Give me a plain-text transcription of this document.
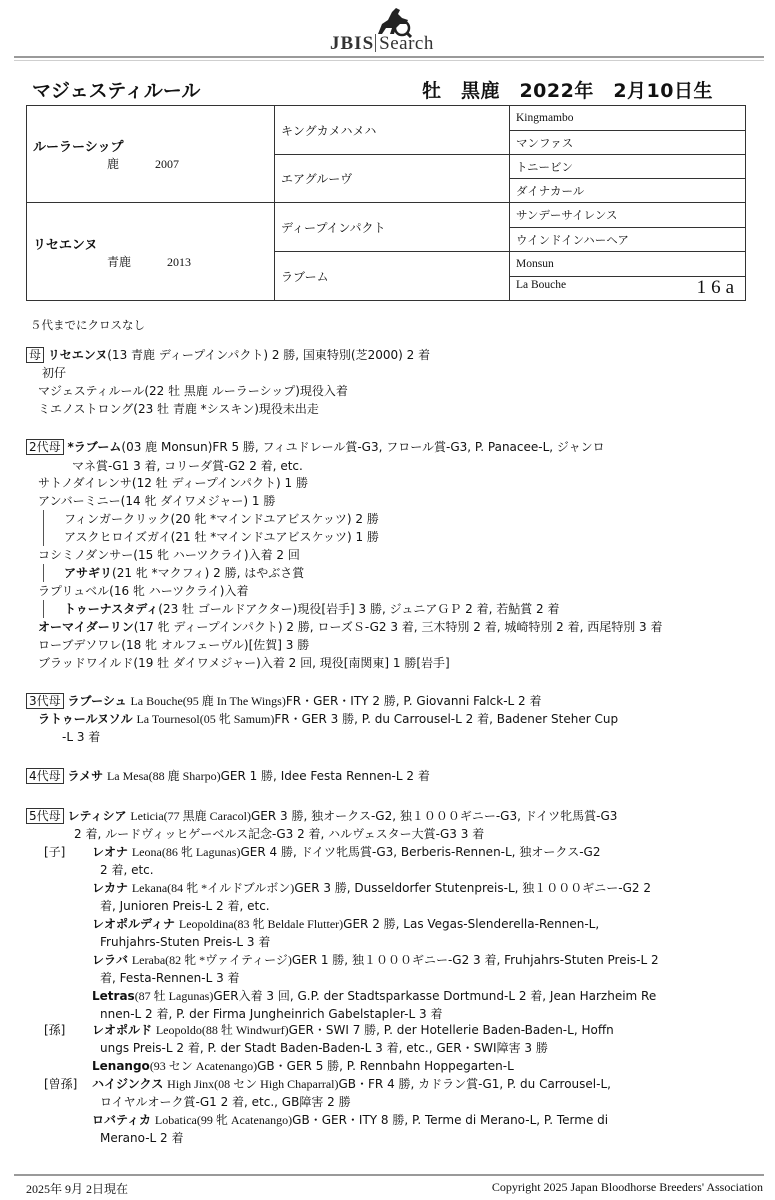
JBIS Search
マジェスティルール	牡　黒鹿　2022年　2月10日生
ルーラーシップ
鹿 2007	キングカメハメハ	Kingmambo
		マンファス
	エアグルーヴ	トニービン
		ダイナカール

リセエンヌ
青鹿 2013	ディープインパクト	サンデーサイレンス
		ウインドインハーヘア
	ラブーム	Monsun
		La Bouche 16a
５代までにクロスなし
母 リセエンヌ(13 青鹿 ディープインパクト) 2 勝, 国東特別(芝2000) 2 着
初仔
マジェスティルール(22 牡 黒鹿 ルーラーシップ)現役入着
ミエノストロング(23 牡 青鹿 *シスキン)現役未出走
2代母 *ラブーム(03 鹿 Monsun)FR 5 勝, フィユドレール賞-G3, フロール賞-G3, P. Panacee-L, ジャンロ
マネ賞-G1 3 着, コリーダ賞-G2 2 着, etc.
サトノダイレンサ(12 牡 ディープインパクト) 1 勝
アンバーミニー(14 牝 ダイワメジャー) 1 勝
フィンガークリック(20 牝 *マインドユアビスケッツ) 2 勝
アスクヒロイズガイ(21 牡 *マインドユアビスケッツ) 1 勝
コシミノダンサー(15 牝 ハーツクライ)入着 2 回
アサギリ(21 牝 *マクフィ) 2 勝, はやぶさ賞
ラプリュベル(16 牝 ハーツクライ)入着
トゥーナスタディ(23 牡 ゴールドアクター)現役[岩手] 3 勝, ジュニアＧＰ 2 着, 若鮎賞 2 着
オーマイダーリン(17 牝 ディープインパクト) 2 勝, ローズＳ-G2 3 着, 三木特別 2 着, 城崎特別 2 着, 西尾特別 3 着
ローブデソワレ(18 牝 オルフェーヴル)[佐賀] 3 勝
ブラッドワイルド(19 牡 ダイワメジャー)入着 2 回, 現役[南関東] 1 勝[岩手]
3代母 ラブーシュ La Bouche(95 鹿 In The Wings)FR・GER・ITY 2 勝, P. Giovanni Falck-L 2 着
ラトゥールヌソル La Tournesol(05 牝 Samum)FR・GER 3 勝, P. du Carrousel-L 2 着, Badener Steher Cup
-L 3 着
4代母 ラメサ La Mesa(88 鹿 Sharpo)GER 1 勝, Idee Festa Rennen-L 2 着
5代母 レティシア Leticia(77 黒鹿 Caracol)GER 3 勝, 独オークス-G2, 独１０００ギニー-G3, ドイツ牝馬賞-G3
2 着, ルードヴィッヒゲーベルス記念-G3 2 着, ハルヴェスター大賞-G3 3 着
[子] レオナ Leona(86 牝 Lagunas)GER 4 勝, ドイツ牝馬賞-G3, Berberis-Rennen-L, 独オークス-G2
2 着, etc.
レカナ Lekana(84 牝 *イルドブルボン)GER 3 勝, Dusseldorfer Stutenpreis-L, 独１０００ギニー-G2 2
着, Junioren Preis-L 2 着, etc.
レオポルディナ Leopoldina(83 牝 Beldale Flutter)GER 2 勝, Las Vegas-Slenderella-Rennen-L,
Fruhjahrs-Stuten Preis-L 3 着
レラバ Leraba(82 牝 *ヴァイティージ)GER 1 勝, 独１０００ギニー-G2 3 着, Fruhjahrs-Stuten Preis-L 2
着, Festa-Rennen-L 3 着
Letras(87 牡 Lagunas)GER入着 3 回, G.P. der Stadtsparkasse Dortmund-L 2 着, Jean Harzheim Re
nnen-L 2 着, P. der Firma Jungheinrich Gabelstapler-L 3 着
[孫] レオポルド Leopoldo(88 牡 Windwurf)GER・SWI 7 勝, P. der Hotellerie Baden-Baden-L, Hoffn
ungs Preis-L 2 着, P. der Stadt Baden-Baden-L 3 着, etc., GER・SWI障害 3 勝
Lenango(93 セン Acatenango)GB・GER 5 勝, P. Rennbahn Hoppegarten-L
[曽孫] ハイジンクス High Jinx(08 セン High Chaparral)GB・FR 4 勝, カドラン賞-G1, P. du Carrousel-L,
ロイヤルオーク賞-G1 2 着, etc., GB障害 2 勝
ロバティカ Lobatica(99 牝 Acatenango)GB・GER・ITY 8 勝, P. Terme di Merano-L, P. Terme di
Merano-L 2 着
2025年 9月 2日現在	Copyright 2025 Japan Bloodhorse Breeders' Association
